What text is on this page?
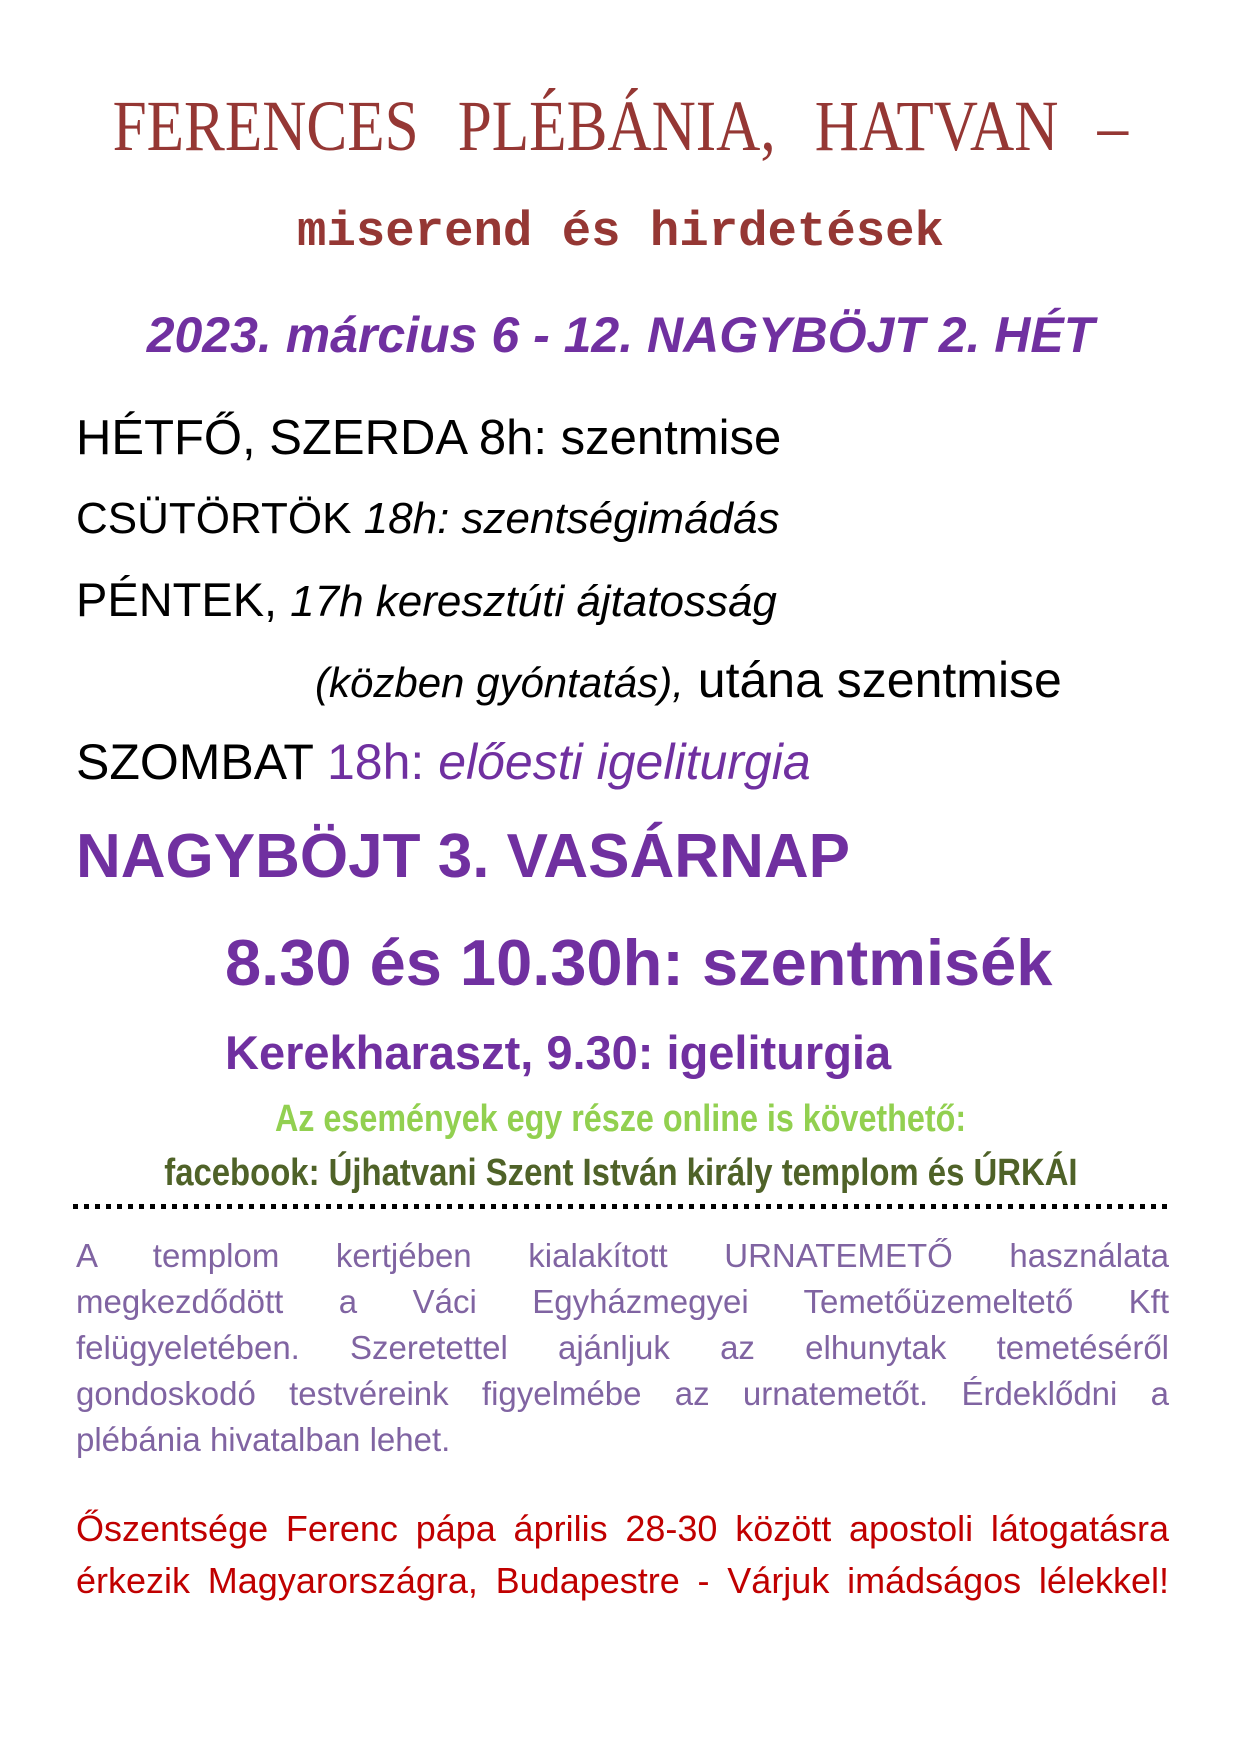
FERENCES PLÉBÁNIA, HATVAN –
miserend és hirdetések
2023. március 6 - 12. NAGYBÖJT 2. HÉT
HÉTFŐ, SZERDA 8h: szentmise
CSÜTÖRTÖK 18h: szentségimádás
PÉNTEK, 17h keresztúti ájtatosság
(közben gyóntatás), utána szentmise
SZOMBAT 18h: előesti igeliturgia
NAGYBÖJT 3. VASÁRNAP
8.30 és 10.30h: szentmisék
Kerekharaszt, 9.30: igeliturgia
Az események egy része online is követhető:
facebook: Újhatvani Szent István király templom és ÚRKÁI
A templom kertjében kialakított URNATEMETŐ használata
megkezdődött a Váci Egyházmegyei Temetőüzemeltető Kft
felügyeletében. Szeretettel ajánljuk az elhunytak temetéséről
gondoskodó testvéreink figyelmébe az urnatemetőt. Érdeklődni a
plébánia hivatalban lehet.
Őszentsége Ferenc pápa április 28-30 között apostoli látogatásra
érkezik Magyarországra, Budapestre - Várjuk imádságos lélekkel!
